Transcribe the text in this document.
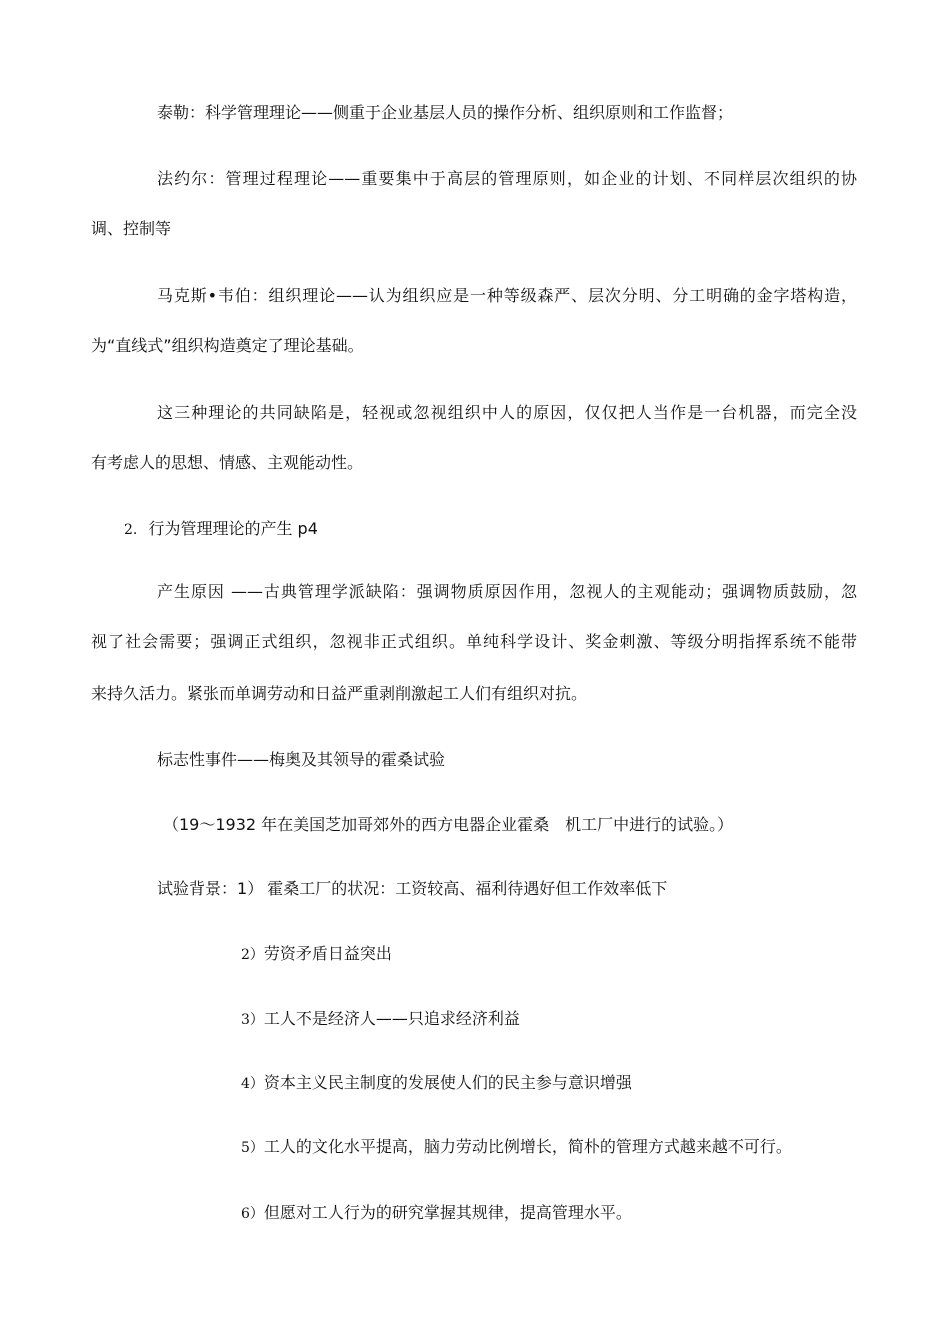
泰勒：科学管理理论——侧重于企业基层人员的操作分析、组织原则和工作监督；
法约尔：管理过程理论——重要集中于高层的管理原则，如企业的计划、不同样层次组织的协
调、控制等
马克斯•韦伯：组织理论——认为组织应是一种等级森严、层次分明、分工明确的金字塔构造，
为“直线式”组织构造奠定了理论基础。
这三种理论的共同缺陷是，轻视或忽视组织中人的原因，仅仅把人当作是一台机器，而完全没
有考虑人的思想、情感、主观能动性。
2. 行为管理理论的产生 p4
产生原因 ——古典管理学派缺陷：强调物质原因作用，忽视人的主观能动；强调物质鼓励，忽
视了社会需要；强调正式组织，忽视非正式组织。单纯科学设计、奖金刺激、等级分明指挥系统不能带
来持久活力。紧张而单调劳动和日益严重剥削激起工人们有组织对抗。
标志性事件——梅奥及其领导的霍桑试验
（19～1932 年在美国芝加哥郊外的西方电器企业霍桑　机工厂中进行的试验。）
试验背景：1） 霍桑工厂的状况：工资较高、福利待遇好但工作效率低下
2）劳资矛盾日益突出
3）工人不是经济人——只追求经济利益
4）资本主义民主制度的发展使人们的民主参与意识增强
5）工人的文化水平提高，脑力劳动比例增长，简朴的管理方式越来越不可行。
6）但愿对工人行为的研究掌握其规律，提高管理水平。
